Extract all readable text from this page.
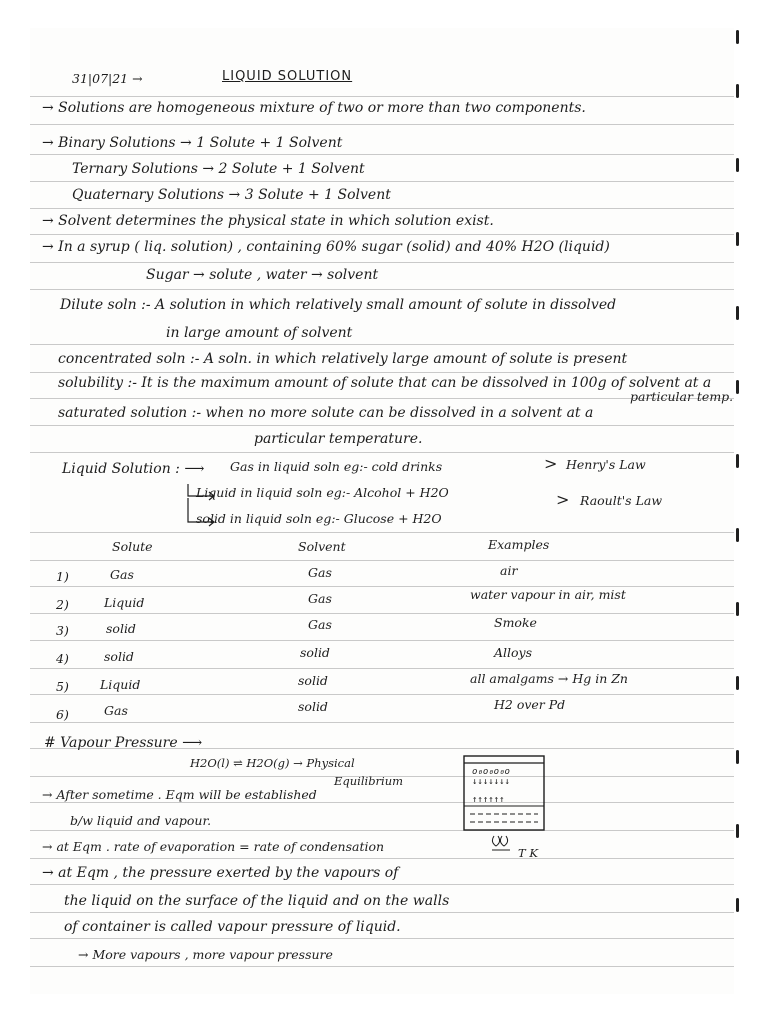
31|07|21 →	LIQUID SOLUTION
→ Solutions are homogeneous mixture of two or more than two components.
→ Binary Solutions → 1 Solute + 1 Solvent
Ternary Solutions → 2 Solute + 1 Solvent
Quaternary Solutions → 3 Solute + 1 Solvent
→ Solvent determines the physical state in which solution exist.
→ In a syrup ( liq. solution) , containing 60% sugar (solid) and 40% H2O (liquid)
Sugar → solute , water → solvent
Dilute soln :- A solution in which relatively small amount of solute in dissolved
in large amount of solvent
concentrated soln :- A soln. in which relatively large amount of solute is present
solubility :- It is the maximum amount of solute that can be dissolved in 100g of solvent at a
particular temp.
saturated solution :- when no more solute can be dissolved in a solvent at a
particular temperature.
Liquid Solution : ⟶ Gas in liquid soln eg:- cold drinks
Liquid in liquid soln eg:- Alcohol + H2O
solid in liquid soln eg:- Glucose + H2O
> Henry's Law
> Raoult's Law
Solute	Solvent	Examples
1)	Gas	Gas	air
2)	Liquid	Gas	water vapour in air, mist
3)	solid	Gas	Smoke
4)	solid	solid	Alloys
5) Liquid	solid	all amalgams → Hg in Zn
6)	Gas	solid	H2 over Pd
# Vapour Pressure ⟶
H2O(l) ⇌ H2O(g) → Physical
Equilibrium
→ After sometime . Eqm will be established
b/w liquid and vapour.
→ at Eqm . rate of evaporation = rate of condensation
→ at Eqm , the pressure exerted by the vapours of
the liquid on the surface of the liquid and on the walls
of container is called vapour pressure of liquid.
→ More vapours , more vapour pressure
o₀o₀o₀o
↓↓↓↓↓↓↓
↑↑↑↑↑↑
T K
